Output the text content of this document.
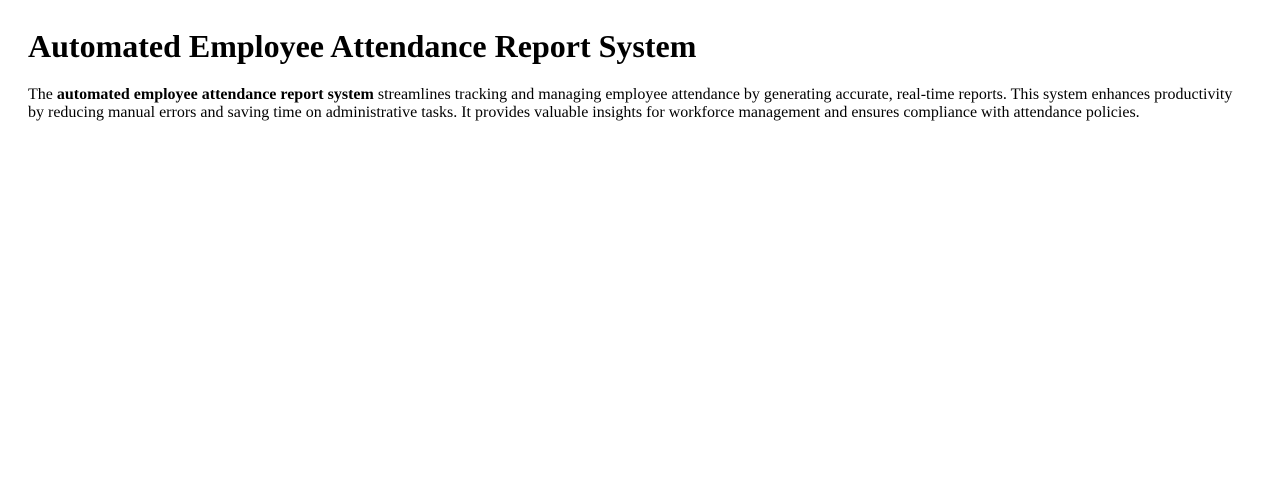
Automated Employee Attendance Report System

The automated employee attendance report system streamlines tracking and managing employee attendance by generating accurate, real-time reports. This system enhances productivity by reducing manual errors and saving time on administrative tasks. It provides valuable insights for workforce management and ensures compliance with attendance policies.
